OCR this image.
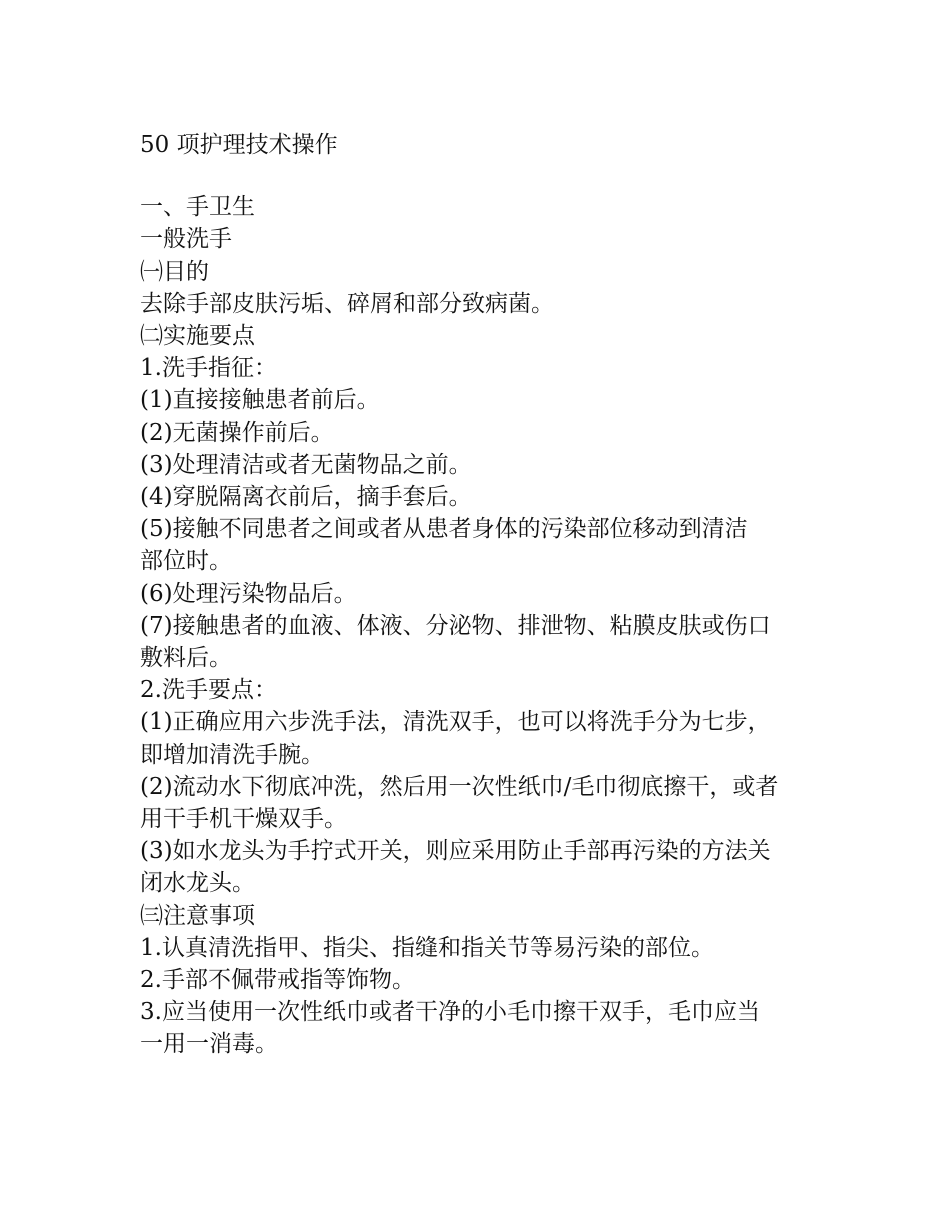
50 项护理技术操作
一、手卫生
一般洗手
㈠目的
去除手部皮肤污垢、碎屑和部分致病菌。
㈡实施要点
1.洗手指征：
(1)直接接触患者前后。
(2)无菌操作前后。
(3)处理清洁或者无菌物品之前。
(4)穿脱隔离衣前后，摘手套后。
(5)接触不同患者之间或者从患者身体的污染部位移动到清洁
部位时。
(6)处理污染物品后。
(7)接触患者的血液、体液、分泌物、排泄物、粘膜皮肤或伤口
敷料后。
2.洗手要点：
(1)正确应用六步洗手法，清洗双手，也可以将洗手分为七步，
即增加清洗手腕。
(2)流动水下彻底冲洗，然后用一次性纸巾/毛巾彻底擦干，或者
用干手机干燥双手。
(3)如水龙头为手拧式开关，则应采用防止手部再污染的方法关
闭水龙头。
㈢注意事项
1.认真清洗指甲、指尖、指缝和指关节等易污染的部位。
2.手部不佩带戒指等饰物。
3.应当使用一次性纸巾或者干净的小毛巾擦干双手，毛巾应当
一用一消毒。
